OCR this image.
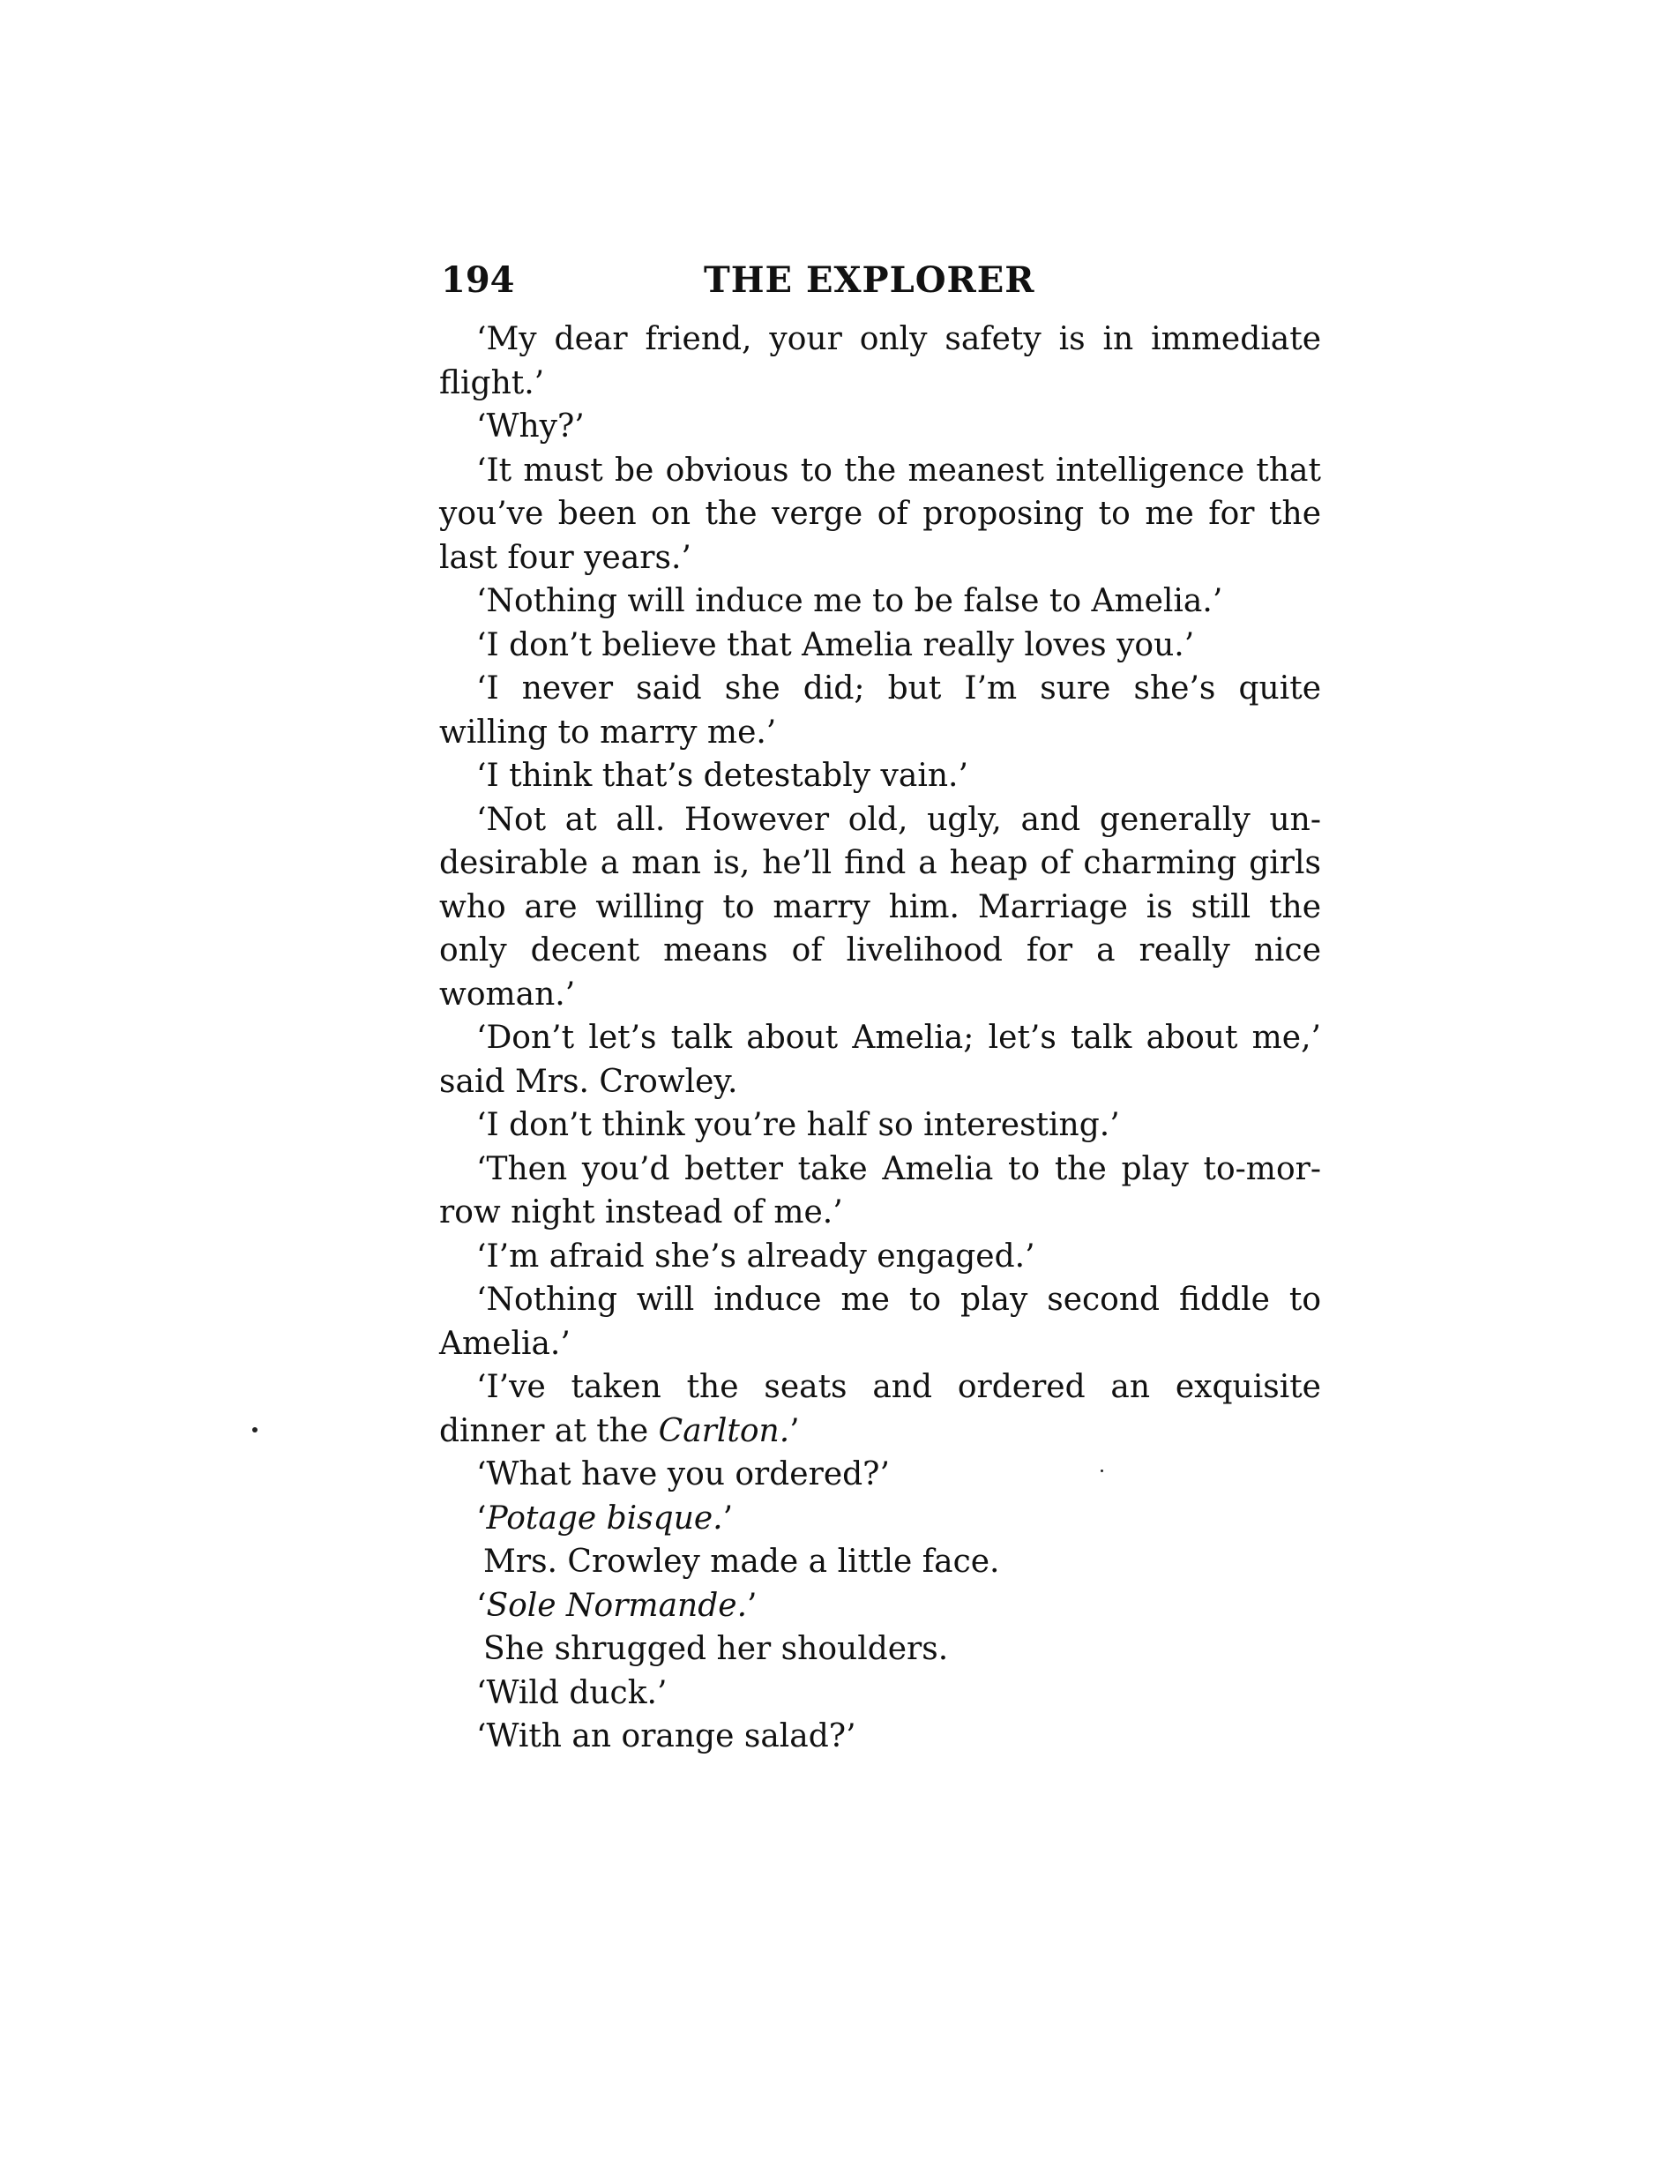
194	THE EXPLORER

‘My dear friend, your only safety is in immediate flight.’

‘Why?’

‘It must be obvious to the meanest intelligence that you’ve been on the verge of proposing to me for the last four years.’

‘Nothing will induce me to be false to Amelia.’

‘I don’t believe that Amelia really loves you.’

‘I never said she did; but I’m sure she’s quite willing to marry me.’

‘I think that’s detestably vain.’

‘Not at all. However old, ugly, and generally un-desirable a man is, he’ll find a heap of charming girls who are willing to marry him. Marriage is still the only decent means of livelihood for a really nice woman.’

‘Don’t let’s talk about Amelia; let’s talk about me,’ said Mrs. Crowley.

‘I don’t think you’re half so interesting.’

‘Then you’d better take Amelia to the play to-mor-row night instead of me.’

‘I’m afraid she’s already engaged.’

‘Nothing will induce me to play second fiddle to Amelia.’

‘I’ve taken the seats and ordered an exquisite dinner at the Carlton.’

‘What have you ordered?’

‘Potage bisque.’

Mrs. Crowley made a little face.

‘Sole Normande.’

She shrugged her shoulders.

‘Wild duck.’

‘With an orange salad?’
